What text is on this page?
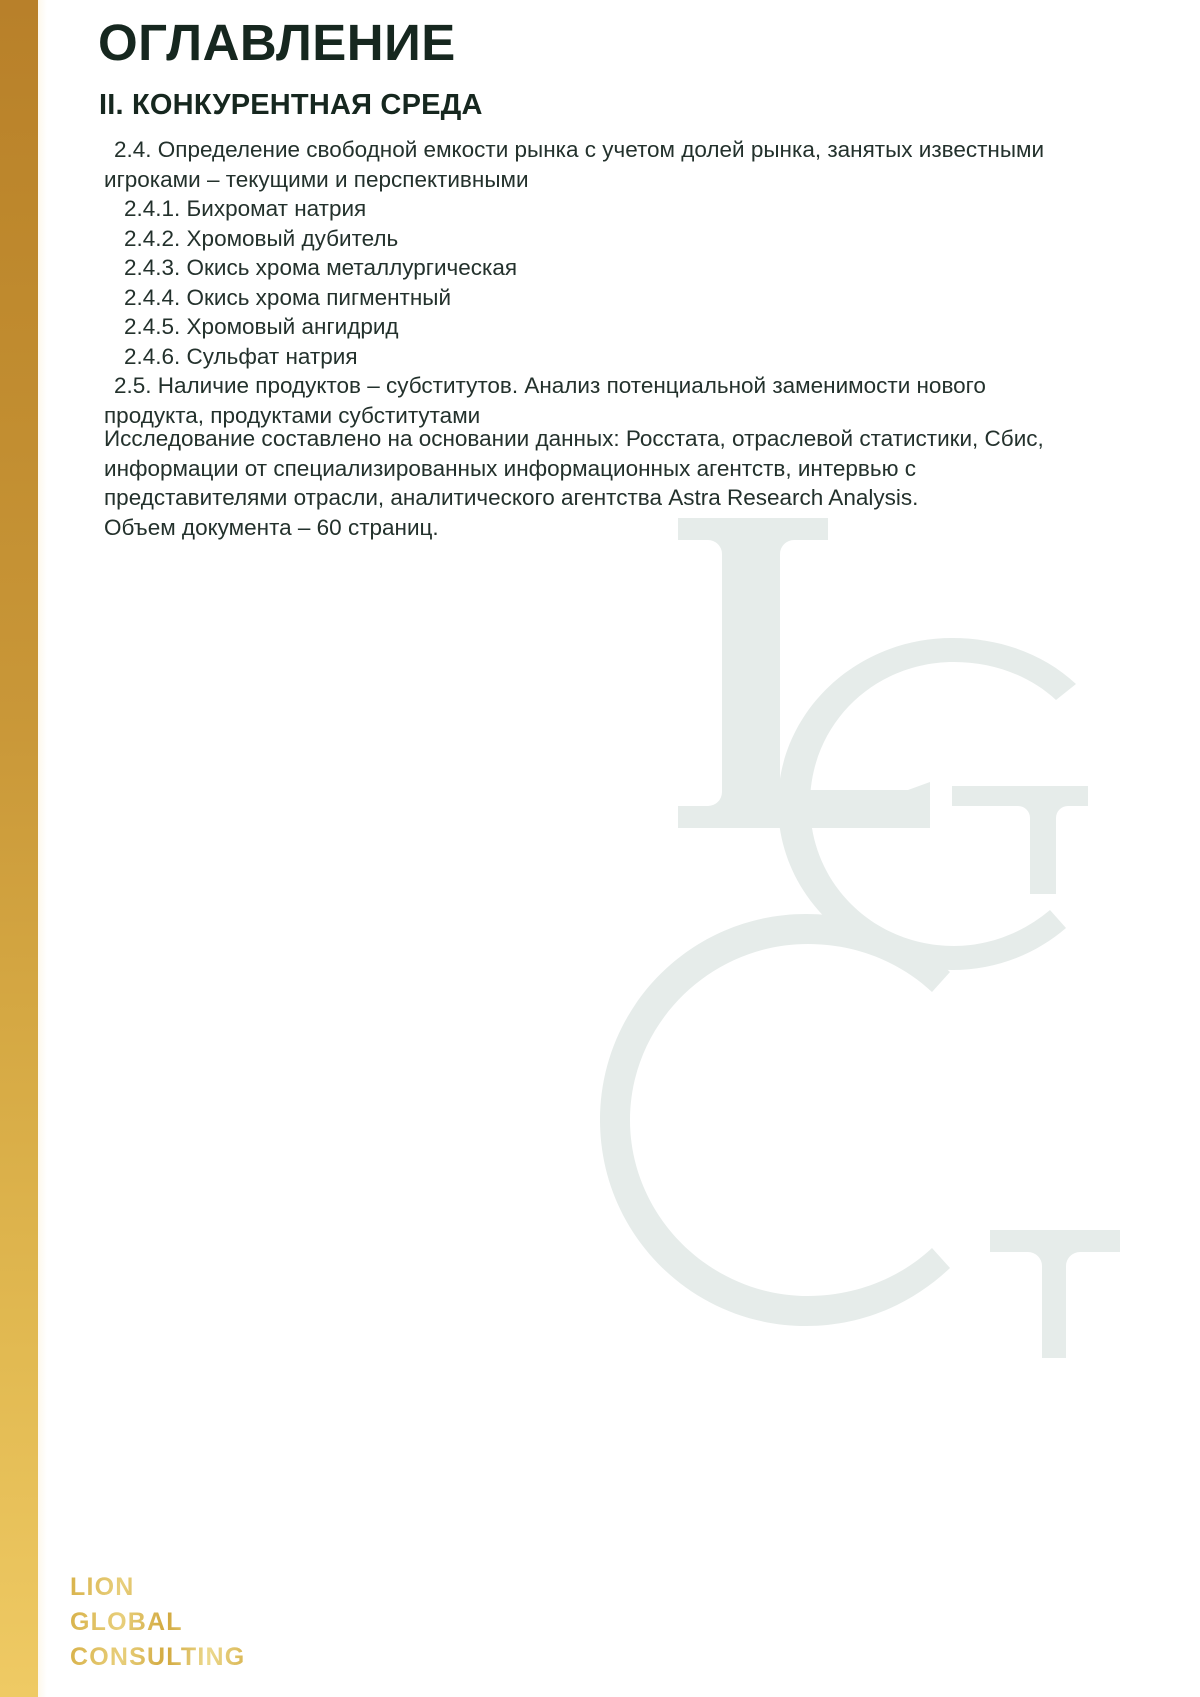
ОГЛАВЛЕНИЕ
II. КОНКУРЕНТНАЯ СРЕДА

2.4. Определение свободной емкости рынка с учетом долей рынка, занятых известными игроками – текущими и перспективными

2.4.1. Бихромат натрия

2.4.2. Хромовый дубитель

2.4.3. Окись хрома металлургическая

2.4.4. Окись хрома пигментный

2.4.5. Хромовый ангидрид

2.4.6. Сульфат натрия

2.5. Наличие продуктов – субститутов. Анализ потенциальной заменимости нового продукта, продуктами субститутами

Исследование составлено на основании данных: Росстата, отраслевой статистики, Сбис, информации от специализированных информационных агентств, интервью с представителями отрасли, аналитического агентства Astra Research Analysis.

Объем документа – 60 страниц.

LION
GLOBAL
CONSULTING
